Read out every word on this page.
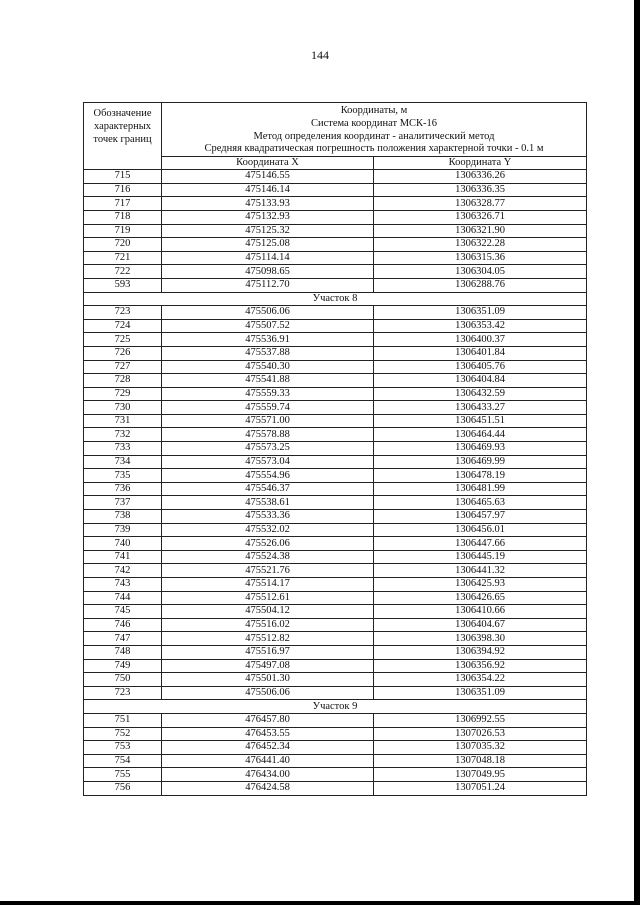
144
Обозначение характерных точек границ	Координаты, м
Система координат МСК-16
Метод определения координат - аналитический метод
Средняя квадратическая погрешность положения характерной точки - 0.1 м	

	Координата X	Координата Y
715	475146.55	1306336.26
716	475146.14	1306336.35
717	475133.93	1306328.77
718	475132.93	1306326.71
719	475125.32	1306321.90
720	475125.08	1306322.28
721	475114.14	1306315.36
722	475098.65	1306304.05
593	475112.70	1306288.76
Участок 8		
723	475506.06	1306351.09
724	475507.52	1306353.42
725	475536.91	1306400.37
726	475537.88	1306401.84
727	475540.30	1306405.76
728	475541.88	1306404.84
729	475559.33	1306432.59
730	475559.74	1306433.27
731	475571.00	1306451.51
732	475578.88	1306464.44
733	475573.25	1306469.93
734	475573.04	1306469.99
735	475554.96	1306478.19
736	475546.37	1306481.99
737	475538.61	1306465.63
738	475533.36	1306457.97
739	475532.02	1306456.01
740	475526.06	1306447.66
741	475524.38	1306445.19
742	475521.76	1306441.32
743	475514.17	1306425.93
744	475512.61	1306426.65
745	475504.12	1306410.66
746	475516.02	1306404.67
747	475512.82	1306398.30
748	475516.97	1306394.92
749	475497.08	1306356.92
750	475501.30	1306354.22
723	475506.06	1306351.09
Участок 9		
751	476457.80	1306992.55
752	476453.55	1307026.53
753	476452.34	1307035.32
754	476441.40	1307048.18
755	476434.00	1307049.95
756	476424.58	1307051.24
